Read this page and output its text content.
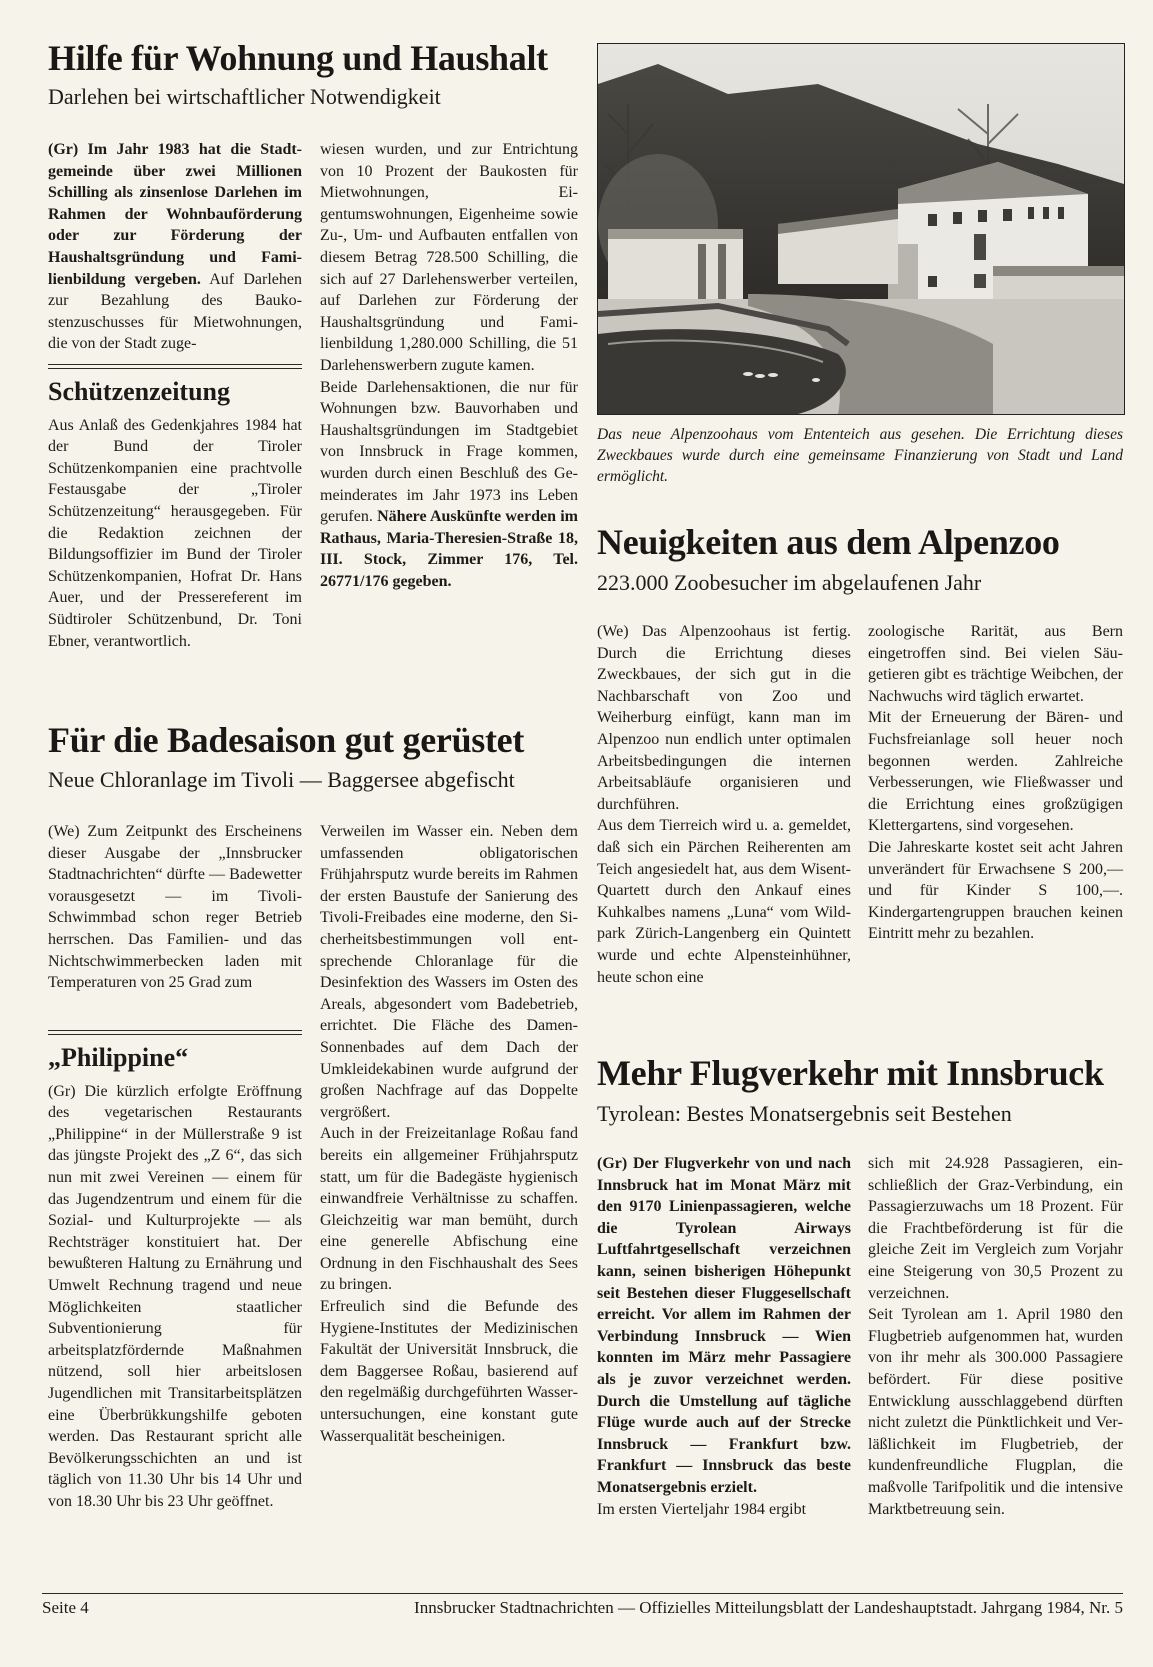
Hilfe für Wohnung und Haushalt
Darlehen bei wirtschaftlicher Notwendigkeit

(Gr) Im Jahr 1983 hat die Stadtgemeinde über zwei Millionen Schilling als zinsenlose Darlehen im Rahmen der Wohnbauförderung oder zur Förderung der Haushaltsgründung und Familienbildung vergeben. Auf Darlehen zur Bezahlung des Baukostenzuschusses für Mietwohnungen, die von der Stadt zuge-

wiesen wurden, und zur Entrichtung von 10 Prozent der Baukosten für Mietwohnungen, Eigentumswohnungen, Eigenheime sowie Zu-, Um- und Aufbauten entfallen von diesem Betrag 728.500 Schilling, die sich auf 27 Darlehenswerber verteilen, auf Darlehen zur Förderung der Haushaltsgründung und Familienbildung 1,280.000 Schilling, die 51 Darlehenswerbern zugute kamen.

Beide Darlehensaktionen, die nur für Wohnungen bzw. Bauvorhaben und Haushaltsgründungen im Stadtgebiet von Innsbruck in Frage kommen, wurden durch einen Beschluß des Gemeinderates im Jahr 1973 ins Leben gerufen. Nähere Auskünfte werden im Rathaus, Maria-Theresien-Straße 18, III. Stock, Zimmer 176, Tel. 26771/176 gegeben.

Schützenzeitung
Aus Anlaß des Gedenkjahres 1984 hat der Bund der Tiroler Schützenkompanien eine prachtvolle Festausgabe der „Tiroler Schützenzeitung“ herausgegeben. Für die Redaktion zeichnen der Bildungsoffizier im Bund der Tiroler Schützenkompanien, Hofrat Dr. Hans Auer, und der Pressereferent im Südtiroler Schützenbund, Dr. Toni Ebner, verantwortlich.
Das neue Alpenzoohaus vom Ententeich aus gesehen. Die Errichtung dieses Zweckbaues wurde durch eine gemeinsame Finanzierung von Stadt und Land ermöglicht.
Neuigkeiten aus dem Alpenzoo
223.000 Zoobesucher im abgelaufenen Jahr

(We) Das Alpenzoohaus ist fertig. Durch die Errichtung dieses Zweckbaues, der sich gut in die Nachbarschaft von Zoo und Weiherburg einfügt, kann man im Alpenzoo nun endlich unter optimalen Arbeitsbedingungen die internen Arbeitsabläufe organisieren und durchführen.

Aus dem Tierreich wird u. a. gemeldet, daß sich ein Pärchen Reiherenten am Teich angesiedelt hat, aus dem Wisent-Quartett durch den Ankauf eines Kuhkalbes namens „Luna“ vom Wildpark Zürich-Langenberg ein Quintett wurde und echte Alpensteinhühner, heute schon eine

zoologische Rarität, aus Bern eingetroffen sind. Bei vielen Säugetieren gibt es trächtige Weibchen, der Nachwuchs wird täglich erwartet.

Mit der Erneuerung der Bären- und Fuchsfreianlage soll heuer noch begonnen werden. Zahlreiche Verbesserungen, wie Fließwasser und die Errichtung eines großzügigen Klettergartens, sind vorgesehen.

Die Jahreskarte kostet seit acht Jahren unverändert für Erwachsene S 200,— und für Kinder S 100,—. Kindergartengruppen brauchen keinen Eintritt mehr zu bezahlen.

Für die Badesaison gut gerüstet
Neue Chloranlage im Tivoli — Baggersee abgefischt

(We) Zum Zeitpunkt des Erscheinens dieser Ausgabe der „Innsbrucker Stadtnachrichten“ dürfte — Badewetter vorausgesetzt — im Tivoli-Schwimmbad schon reger Betrieb herrschen. Das Familien- und das Nichtschwimmerbecken laden mit Temperaturen von 25 Grad zum

Verweilen im Wasser ein. Neben dem umfassenden obligatorischen Frühjahrsputz wurde bereits im Rahmen der ersten Baustufe der Sanierung des Tivoli-Freibades eine moderne, den Sicherheitsbestimmungen voll entsprechende Chloranlage für die Desinfektion des Wassers im Osten des Areals, abgesondert vom Badebetrieb, errichtet. Die Fläche des Damen-Sonnenbades auf dem Dach der Umkleidekabinen wurde aufgrund der großen Nachfrage auf das Doppelte vergrößert.

Auch in der Freizeitanlage Roßau fand bereits ein allgemeiner Frühjahrsputz statt, um für die Badegäste hygienisch einwandfreie Verhältnisse zu schaffen. Gleichzeitig war man bemüht, durch eine generelle Abfischung eine Ordnung in den Fischhaushalt des Sees zu bringen.

Erfreulich sind die Befunde des Hygiene-Institutes der Medizinischen Fakultät der Universität Innsbruck, die dem Baggersee Roßau, basierend auf den regelmäßig durchgeführten Wasseruntersuchungen, eine konstant gute Wasserqualität bescheinigen.

„Philippine“
(Gr) Die kürzlich erfolgte Eröffnung des vegetarischen Restaurants „Philippine“ in der Müllerstraße 9 ist das jüngste Projekt des „Z 6“, das sich nun mit zwei Vereinen — einem für das Jugendzentrum und einem für die Sozial- und Kulturprojekte — als Rechtsträger konstituiert hat. Der bewußteren Haltung zu Ernährung und Umwelt Rechnung tragend und neue Möglichkeiten staatlicher Subventionierung für arbeitsplatzfördernde Maßnahmen nützend, soll hier arbeitslosen Jugendlichen mit Transitarbeitsplätzen eine Überbrükkungshilfe geboten werden. Das Restaurant spricht alle Bevölkerungsschichten an und ist täglich von 11.30 Uhr bis 14 Uhr und von 18.30 Uhr bis 23 Uhr geöffnet.
Mehr Flugverkehr mit Innsbruck
Tyrolean: Bestes Monatsergebnis seit Bestehen

(Gr) Der Flugverkehr von und nach Innsbruck hat im Monat März mit den 9170 Linienpassagieren, welche die Tyrolean Airways Luftfahrtgesellschaft verzeichnen kann, seinen bisherigen Höhepunkt seit Bestehen dieser Fluggesellschaft erreicht. Vor allem im Rahmen der Verbindung Innsbruck — Wien konnten im März mehr Passagiere als je zuvor verzeichnet werden. Durch die Umstellung auf tägliche Flüge wurde auch auf der Strecke Innsbruck — Frankfurt bzw. Frankfurt — Innsbruck das beste Monatsergebnis erzielt.

Im ersten Vierteljahr 1984 ergibt

sich mit 24.928 Passagieren, einschließlich der Graz-Verbindung, ein Passagierzuwachs um 18 Prozent. Für die Frachtbeförderung ist für die gleiche Zeit im Vergleich zum Vorjahr eine Steigerung von 30,5 Prozent zu verzeichnen.

Seit Tyrolean am 1. April 1980 den Flugbetrieb aufgenommen hat, wurden von ihr mehr als 300.000 Passagiere befördert. Für diese positive Entwicklung ausschlaggebend dürften nicht zuletzt die Pünktlichkeit und Verläßlichkeit im Flugbetrieb, der kundenfreundliche Flugplan, die maßvolle Tarifpolitik und die intensive Marktbetreuung sein.

Seite 4	Innsbrucker Stadtnachrichten — Offizielles Mitteilungsblatt der Landeshauptstadt. Jahrgang 1984, Nr. 5
